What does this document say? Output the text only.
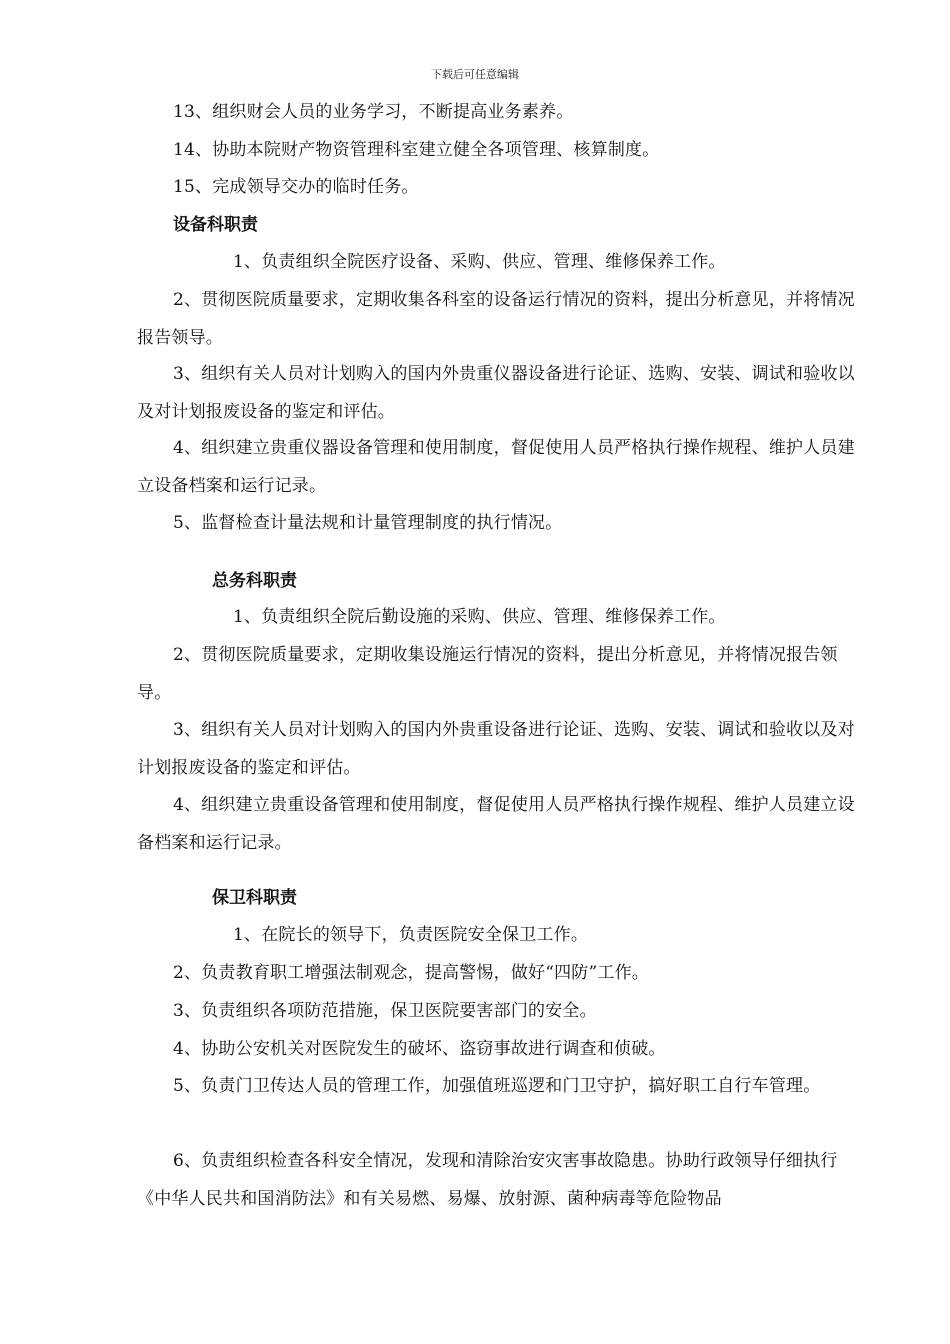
下载后可任意编辑
13、组织财会人员的业务学习，不断提高业务素养。
14、协助本院财产物资管理科室建立健全各项管理、核算制度。
15、完成领导交办的临时任务。
设备科职责
1、负责组织全院医疗设备、采购、供应、管理、维修保养工作。
2、贯彻医院质量要求，定期收集各科室的设备运行情况的资料，提出分析意见，并将情况报告领导。
3、组织有关人员对计划购入的国内外贵重仪器设备进行论证、选购、安装、调试和验收以及对计划报废设备的鉴定和评估。
4、组织建立贵重仪器设备管理和使用制度，督促使用人员严格执行操作规程、维护人员建立设备档案和运行记录。
5、监督检查计量法规和计量管理制度的执行情况。
总务科职责
1、负责组织全院后勤设施的采购、供应、管理、维修保养工作。
2、贯彻医院质量要求，定期收集设施运行情况的资料，提出分析意见，并将情况报告领导。
3、组织有关人员对计划购入的国内外贵重设备进行论证、选购、安装、调试和验收以及对计划报废设备的鉴定和评估。
4、组织建立贵重设备管理和使用制度，督促使用人员严格执行操作规程、维护人员建立设备档案和运行记录。
保卫科职责
1、在院长的领导下，负责医院安全保卫工作。
2、负责教育职工增强法制观念，提高警惕，做好“四防”工作。
3、负责组织各项防范措施，保卫医院要害部门的安全。
4、协助公安机关对医院发生的破坏、盗窃事故进行调查和侦破。
5、负责门卫传达人员的管理工作，加强值班巡逻和门卫守护，搞好职工自行车管理。
6、负责组织检查各科安全情况，发现和清除治安灾害事故隐患。协助行政领导仔细执行《中华人民共和国消防法》和有关易燃、易爆、放射源、菌种病毒等危险物品
